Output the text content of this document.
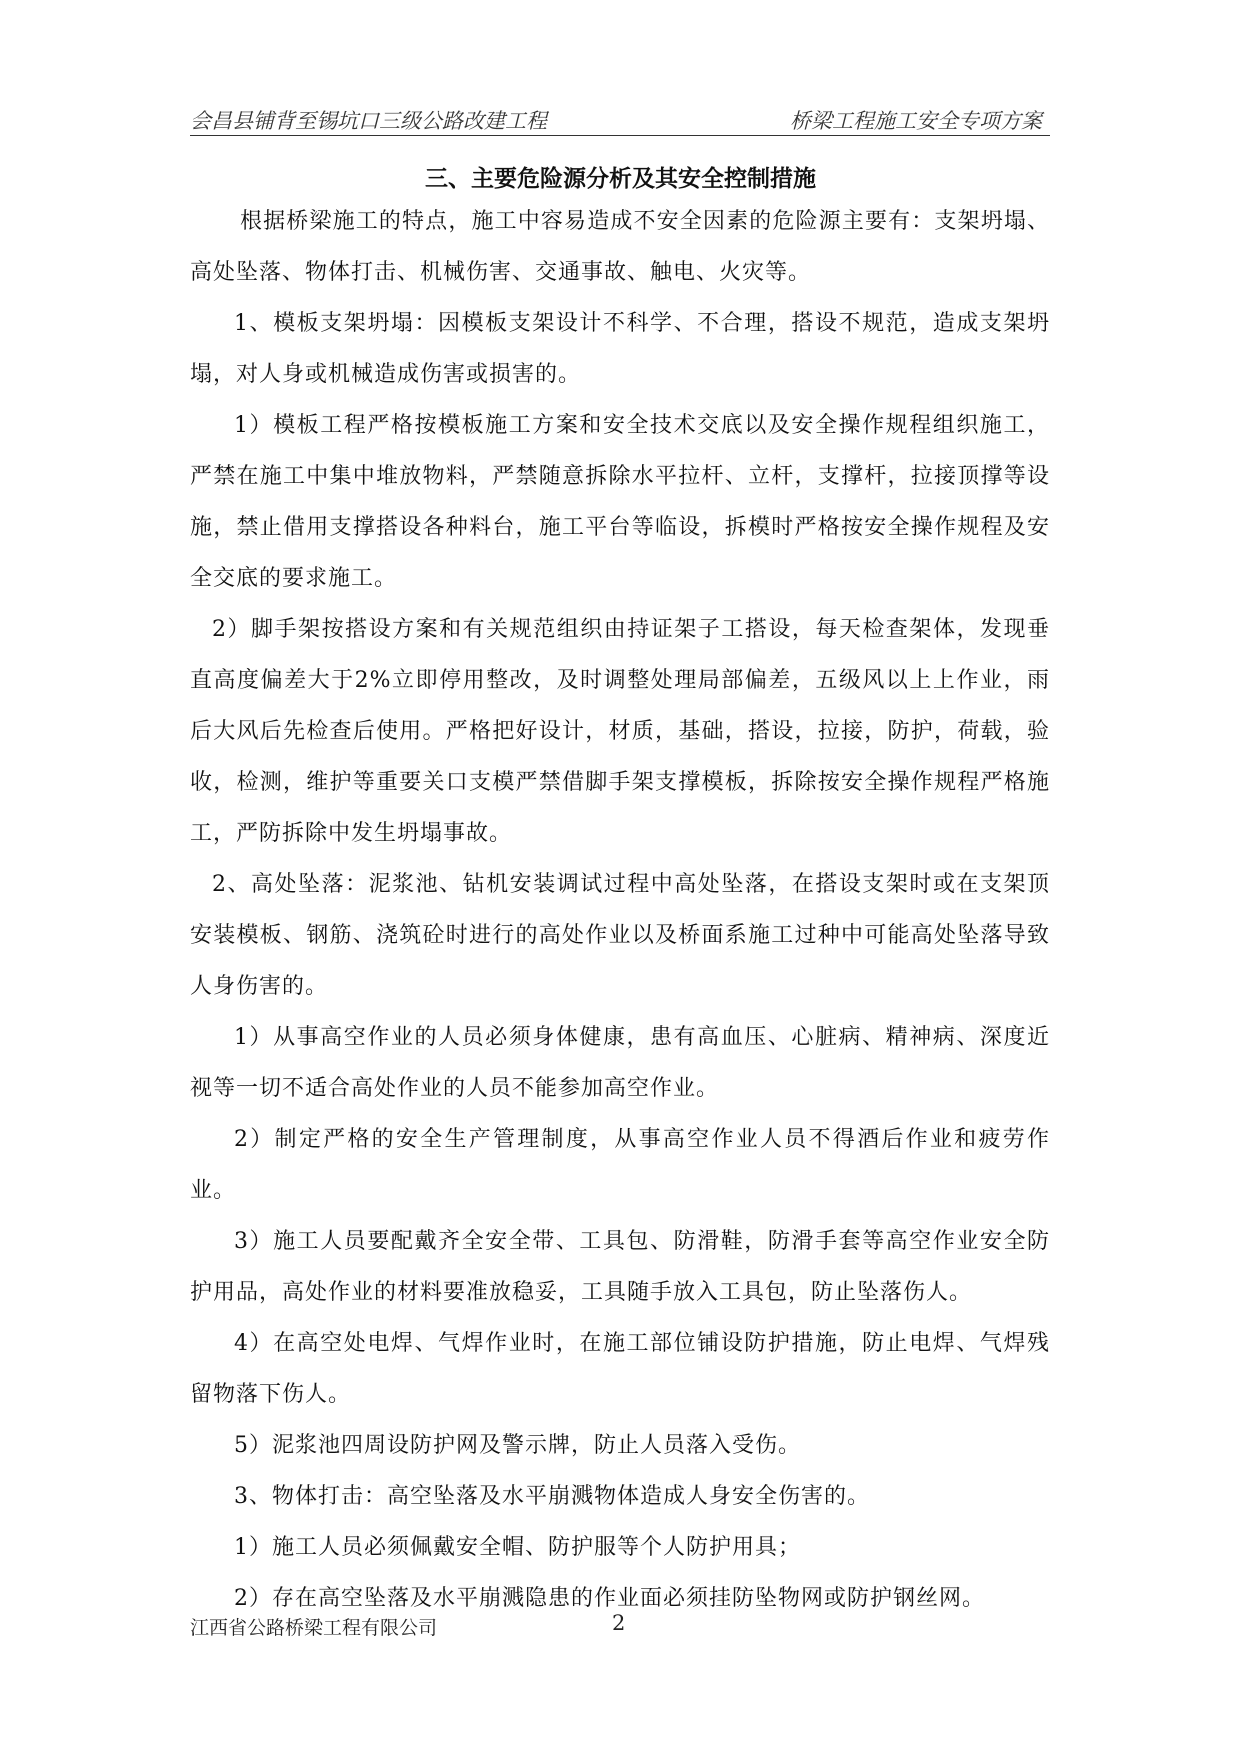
会昌县铺背至锡坑口三级公路改建工程	桥梁工程施工安全专项方案
三、主要危险源分析及其安全控制措施

根据桥梁施工的特点，施工中容易造成不安全因素的危险源主要有：支架坍塌、高处坠落、物体打击、机械伤害、交通事故、触电、火灾等。

1、模板支架坍塌：因模板支架设计不科学、不合理，搭设不规范，造成支架坍塌，对人身或机械造成伤害或损害的。

1）模板工程严格按模板施工方案和安全技术交底以及安全操作规程组织施工，严禁在施工中集中堆放物料，严禁随意拆除水平拉杆、立杆，支撑杆，拉接顶撑等设施，禁止借用支撑搭设各种料台，施工平台等临设，拆模时严格按安全操作规程及安全交底的要求施工。

2）脚手架按搭设方案和有关规范组织由持证架子工搭设，每天检查架体，发现垂直高度偏差大于2%立即停用整改，及时调整处理局部偏差，五级风以上上作业，雨后大风后先检查后使用。严格把好设计，材质，基础，搭设，拉接，防护，荷载，验收，检测，维护等重要关口支模严禁借脚手架支撑模板，拆除按安全操作规程严格施工，严防拆除中发生坍塌事故。

2、高处坠落：泥浆池、钻机安装调试过程中高处坠落，在搭设支架时或在支架顶安装模板、钢筋、浇筑砼时进行的高处作业以及桥面系施工过种中可能高处坠落导致人身伤害的。

1）从事高空作业的人员必须身体健康，患有高血压、心脏病、精神病、深度近视等一切不适合高处作业的人员不能参加高空作业。

2）制定严格的安全生产管理制度，从事高空作业人员不得酒后作业和疲劳作业。

3）施工人员要配戴齐全安全带、工具包、防滑鞋，防滑手套等高空作业安全防护用品，高处作业的材料要准放稳妥，工具随手放入工具包，防止坠落伤人。

4）在高空处电焊、气焊作业时，在施工部位铺设防护措施，防止电焊、气焊残留物落下伤人。

5）泥浆池四周设防护网及警示牌，防止人员落入受伤。

3、物体打击：高空坠落及水平崩溅物体造成人身安全伤害的。

1）施工人员必须佩戴安全帽、防护服等个人防护用具；

2）存在高空坠落及水平崩溅隐患的作业面必须挂防坠物网或防护钢丝网。

江西省公路桥梁工程有限公司	2
